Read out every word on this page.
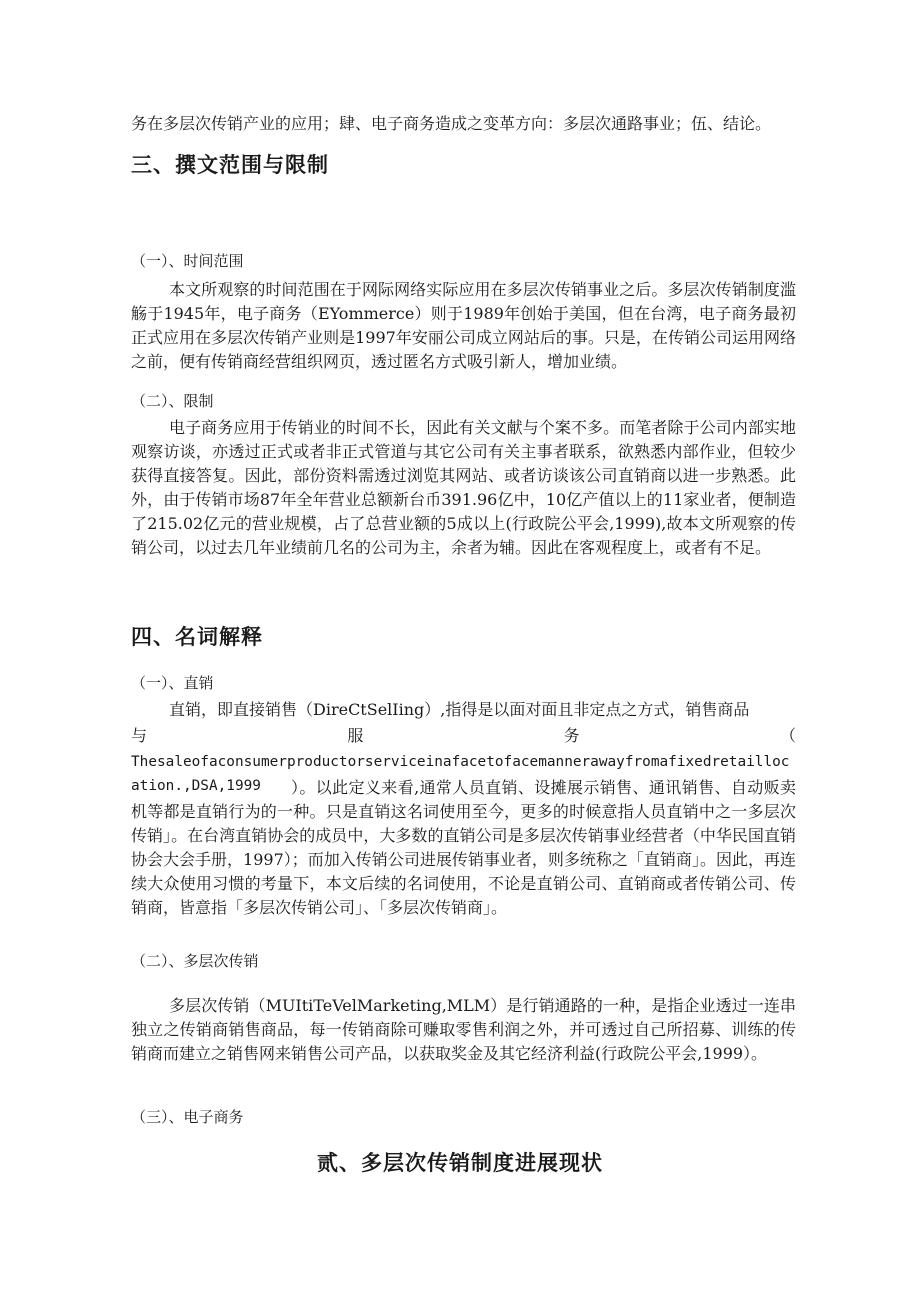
务在多层次传销产业的应用；肆、电子商务造成之变革方向：多层次通路事业；伍、结论。

三、撰文范围与限制
（一）、时间范围

本文所观察的时间范围在于网际网络实际应用在多层次传销事业之后。多层次传销制度滥觞于1945年，电子商务（EYommerce）则于1989年创始于美国，但在台湾，电子商务最初正式应用在多层次传销产业则是1997年安丽公司成立网站后的事。只是，在传销公司运用网络之前，便有传销商经营组织网页，透过匿名方式吸引新人，增加业绩。

（二）、限制

电子商务应用于传销业的时间不长，因此有关文献与个案不多。而笔者除于公司内部实地观察访谈，亦透过正式或者非正式管道与其它公司有关主事者联系，欲熟悉内部作业，但较少获得直接答复。因此，部份资料需透过浏览其网站、或者访谈该公司直销商以进一步熟悉。此外，由于传销市场87年全年营业总额新台币391.96亿中，10亿产值以上的11家业者，便制造了215.02亿元的营业规模，占了总营业额的5成以上(行政院公平会,1999),故本文所观察的传销公司，以过去几年业绩前几名的公司为主，余者为辅。因此在客观程度上，或者有不足。

四、名词解释
（一）、直销

直销，即直接销售（DireCtSelIing）,指得是以面对面且非定点之方式，销售商品

与	服	务	（

Thesaleofaconsumerproductorserviceinafacetofacemannerawayfromafixedretaillocation.,DSA,1999	）。以此定义来看,通常人员直销、设摊展示销售、通讯销售、自动贩卖机等都是直销行为的一种。只是直销这名词使用至今，更多的时候意指人员直销中之一多层次传销」。在台湾直销协会的成员中，大多数的直销公司是多层次传销事业经营者（中华民国直销协会大会手册，1997）；而加入传销公司进展传销事业者，则多统称之「直销商」。因此，再连续大众使用习惯的考量下，本文后续的名词使用，不论是直销公司、直销商或者传销公司、传销商，皆意指「多层次传销公司」、「多层次传销商」。

（二）、多层次传销

多层次传销（MUItiTeVelMarketing,MLM）是行销通路的一种，是指企业透过一连串独立之传销商销售商品，每一传销商除可赚取零售利润之外，并可透过自己所招募、训练的传销商而建立之销售网来销售公司产品，以获取奖金及其它经济利益(行政院公平会,1999）。

（三）、电子商务
贰、多层次传销制度进展现状
